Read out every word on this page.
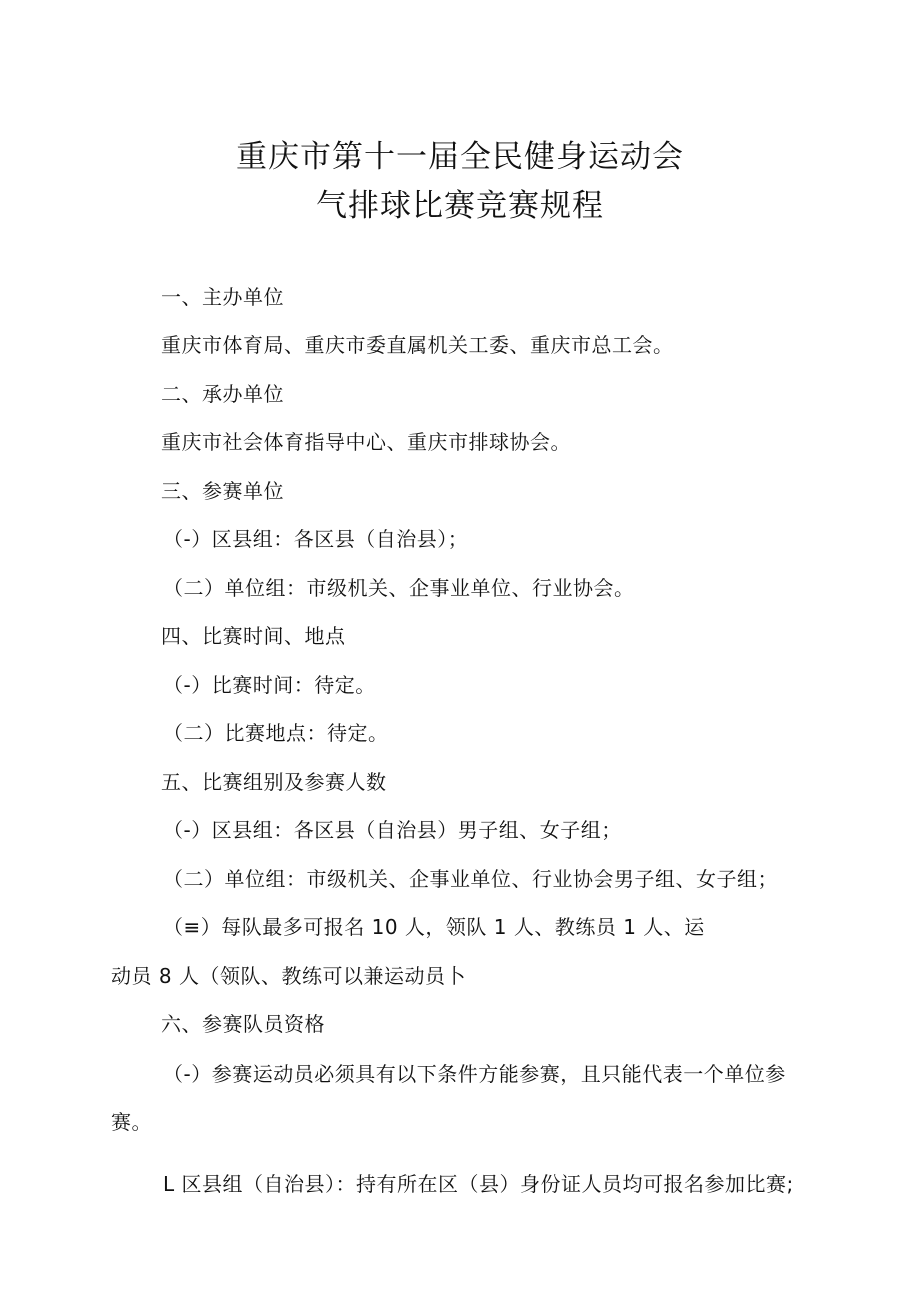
重庆市第十一届全民健身运动会
气排球比赛竞赛规程
一、主办单位
重庆市体育局、重庆市委直属机关工委、重庆市总工会。
二、承办单位
重庆市社会体育指导中心、重庆市排球协会。
三、参赛单位
（-）区县组：各区县（自治县）；
（二）单位组：市级机关、企事业单位、行业协会。
四、比赛时间、地点
（-）比赛时间：待定。
（二）比赛地点：待定。
五、比赛组别及参赛人数
（-）区县组：各区县（自治县）男子组、女子组；
（二）单位组：市级机关、企事业单位、行业协会男子组、女子组；
（≡）每队最多可报名 10 人，领队 1 人、教练员 1 人、运
动员 8 人（领队、教练可以兼运动员卜
六、参赛队员资格
（-）参赛运动员必须具有以下条件方能参赛，且只能代表一个单位参
赛。
L 区县组（自治县）：持有所在区（县）身份证人员均可报名参加比赛;
